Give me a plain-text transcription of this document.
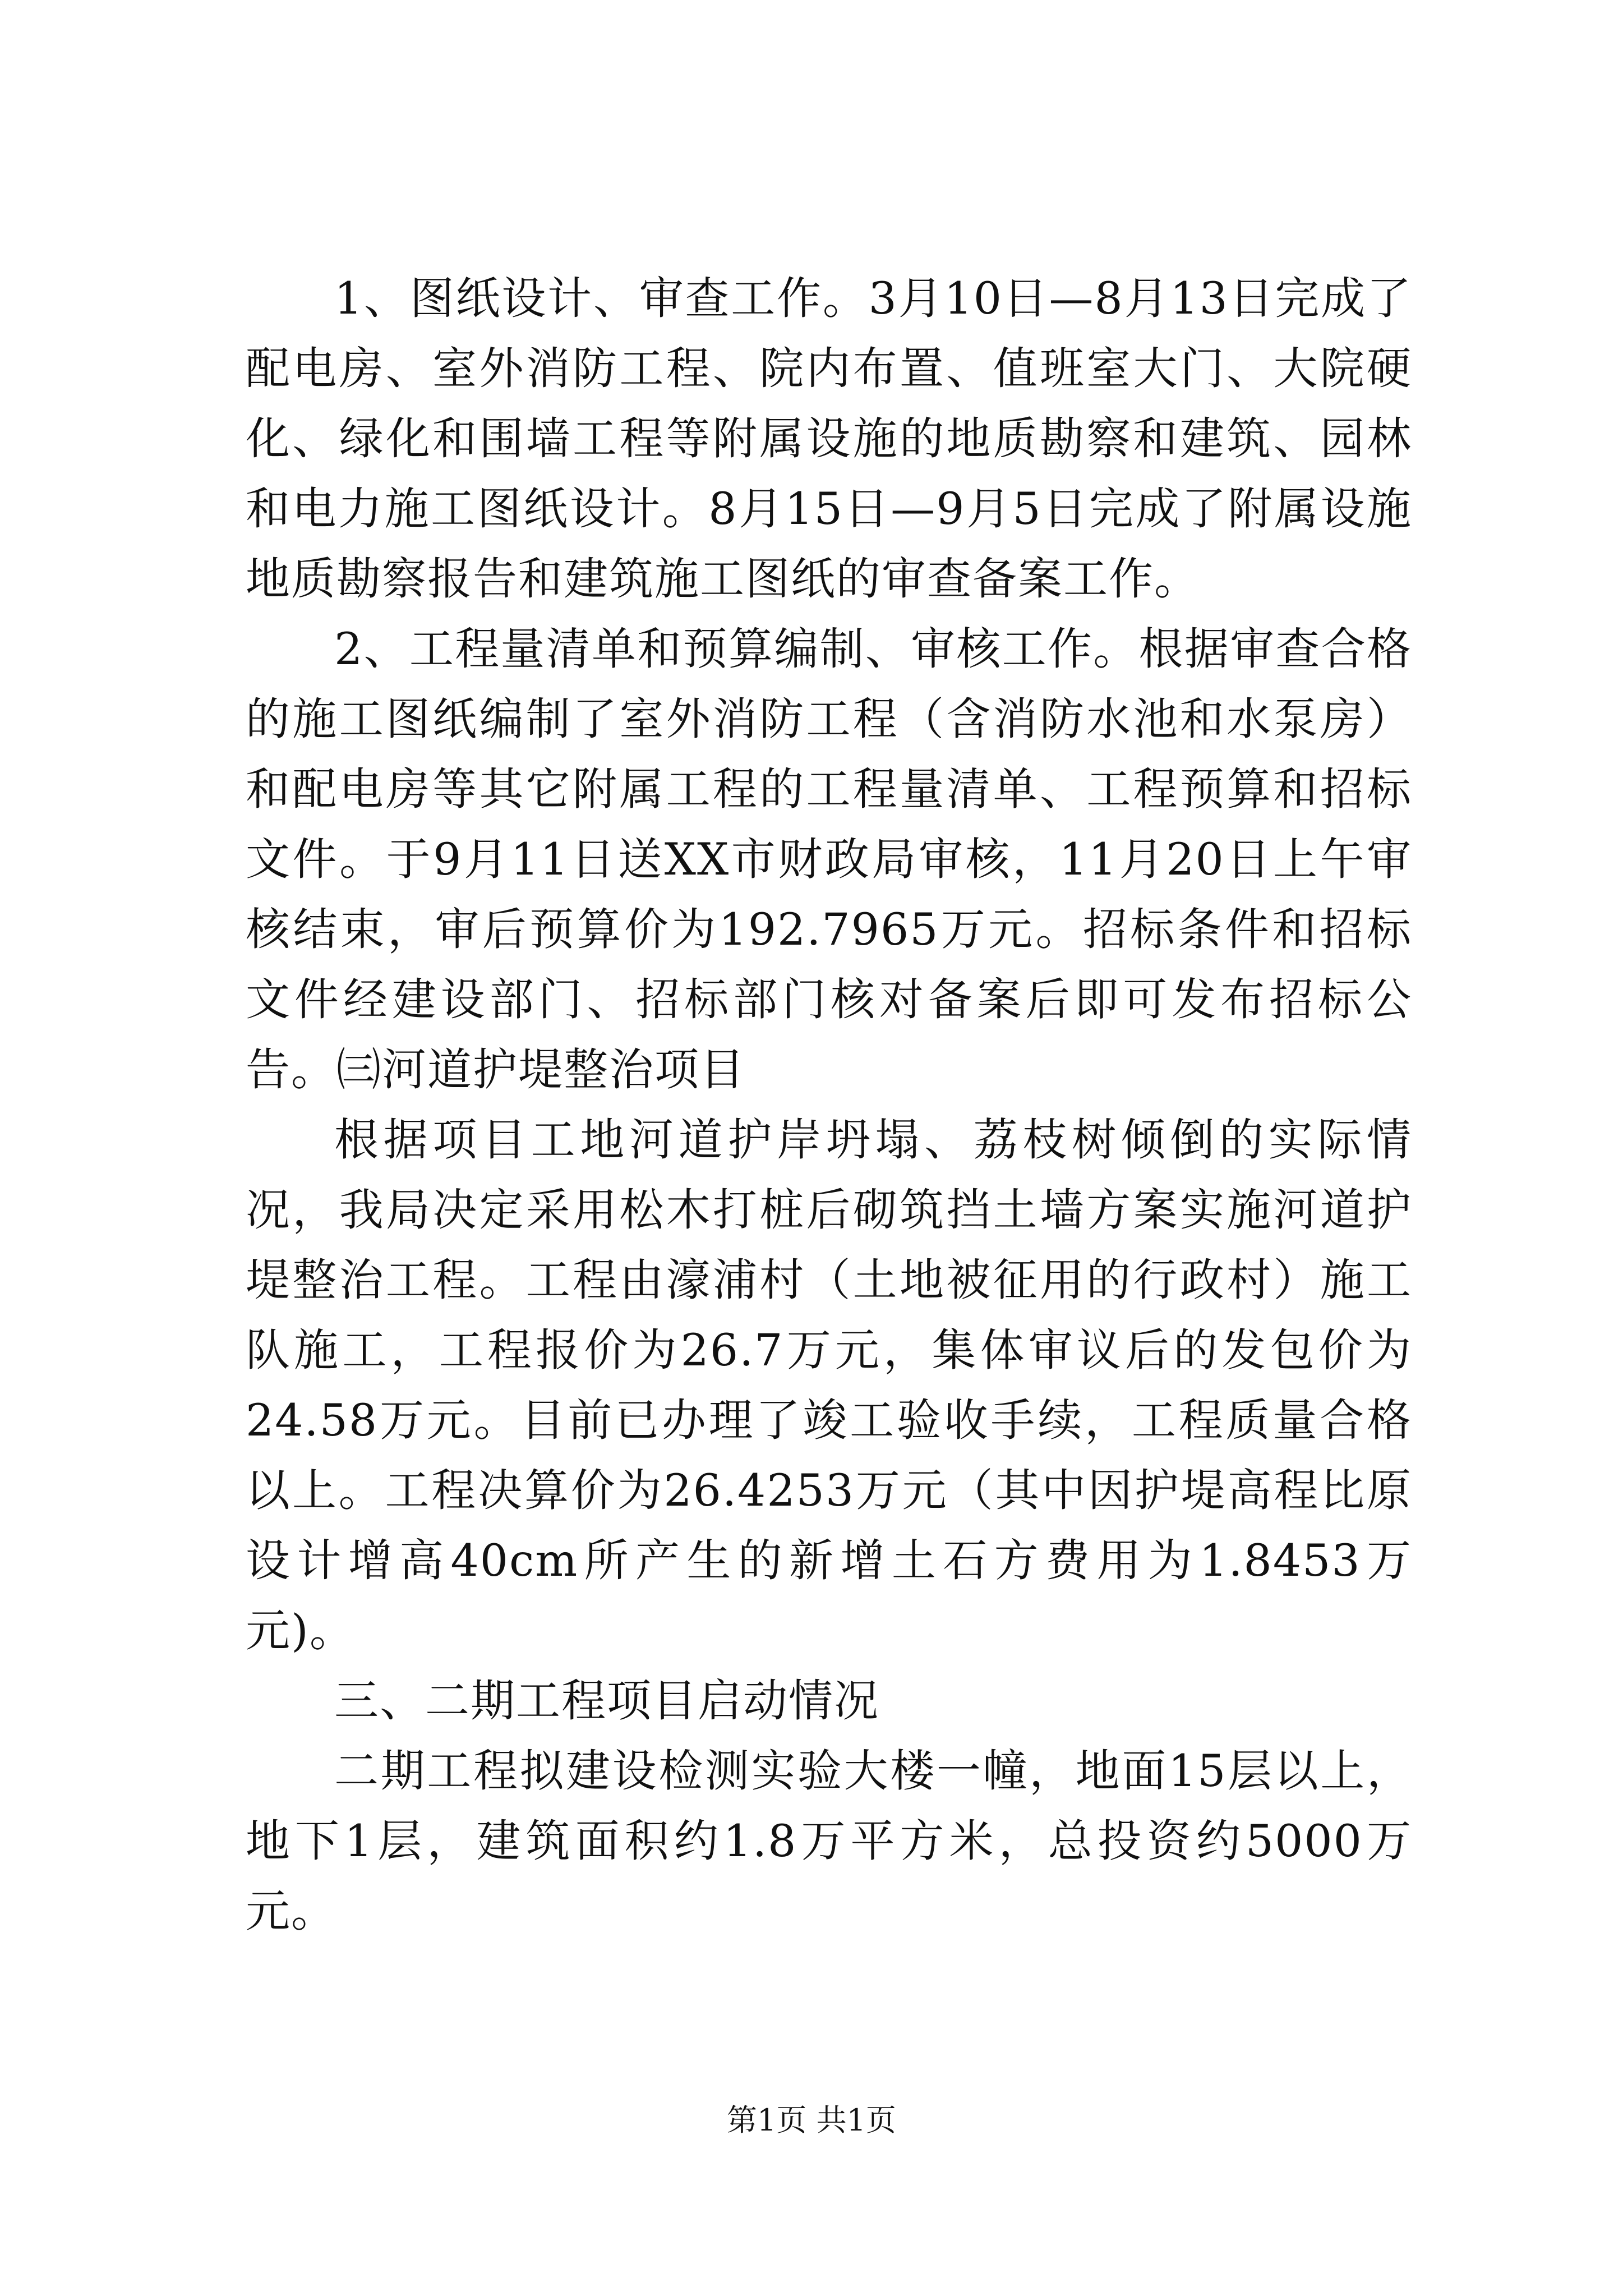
1、图纸设计、审查工作。3月10日—8月13日完成了配电房、室外消防工程、院内布置、值班室大门、大院硬化、绿化和围墙工程等附属设施的地质勘察和建筑、园林和电力施工图纸设计。8月15日—9月5日完成了附属设施地质勘察报告和建筑施工图纸的审查备案工作。

2、工程量清单和预算编制、审核工作。根据审查合格的施工图纸编制了室外消防工程（含消防水池和水泵房）和配电房等其它附属工程的工程量清单、工程预算和招标文件。于9月11日送XX市财政局审核，11月20日上午审核结束，审后预算价为192.7965万元。招标条件和招标文件经建设部门、招标部门核对备案后即可发布招标公告。㈢河道护堤整治项目

根据项目工地河道护岸坍塌、荔枝树倾倒的实际情况，我局决定采用松木打桩后砌筑挡土墙方案实施河道护堤整治工程。工程由濠浦村（土地被征用的行政村）施工队施工，工程报价为26.7万元，集体审议后的发包价为24.58万元。目前已办理了竣工验收手续，工程质量合格以上。工程决算价为26.4253万元（其中因护堤高程比原设计增高40cm所产生的新增土石方费用为1.8453万元)。

三、二期工程项目启动情况

二期工程拟建设检测实验大楼一幢，地面15层以上，地下1层，建筑面积约1.8万平方米，总投资约5000万元。

第1页 共1页
